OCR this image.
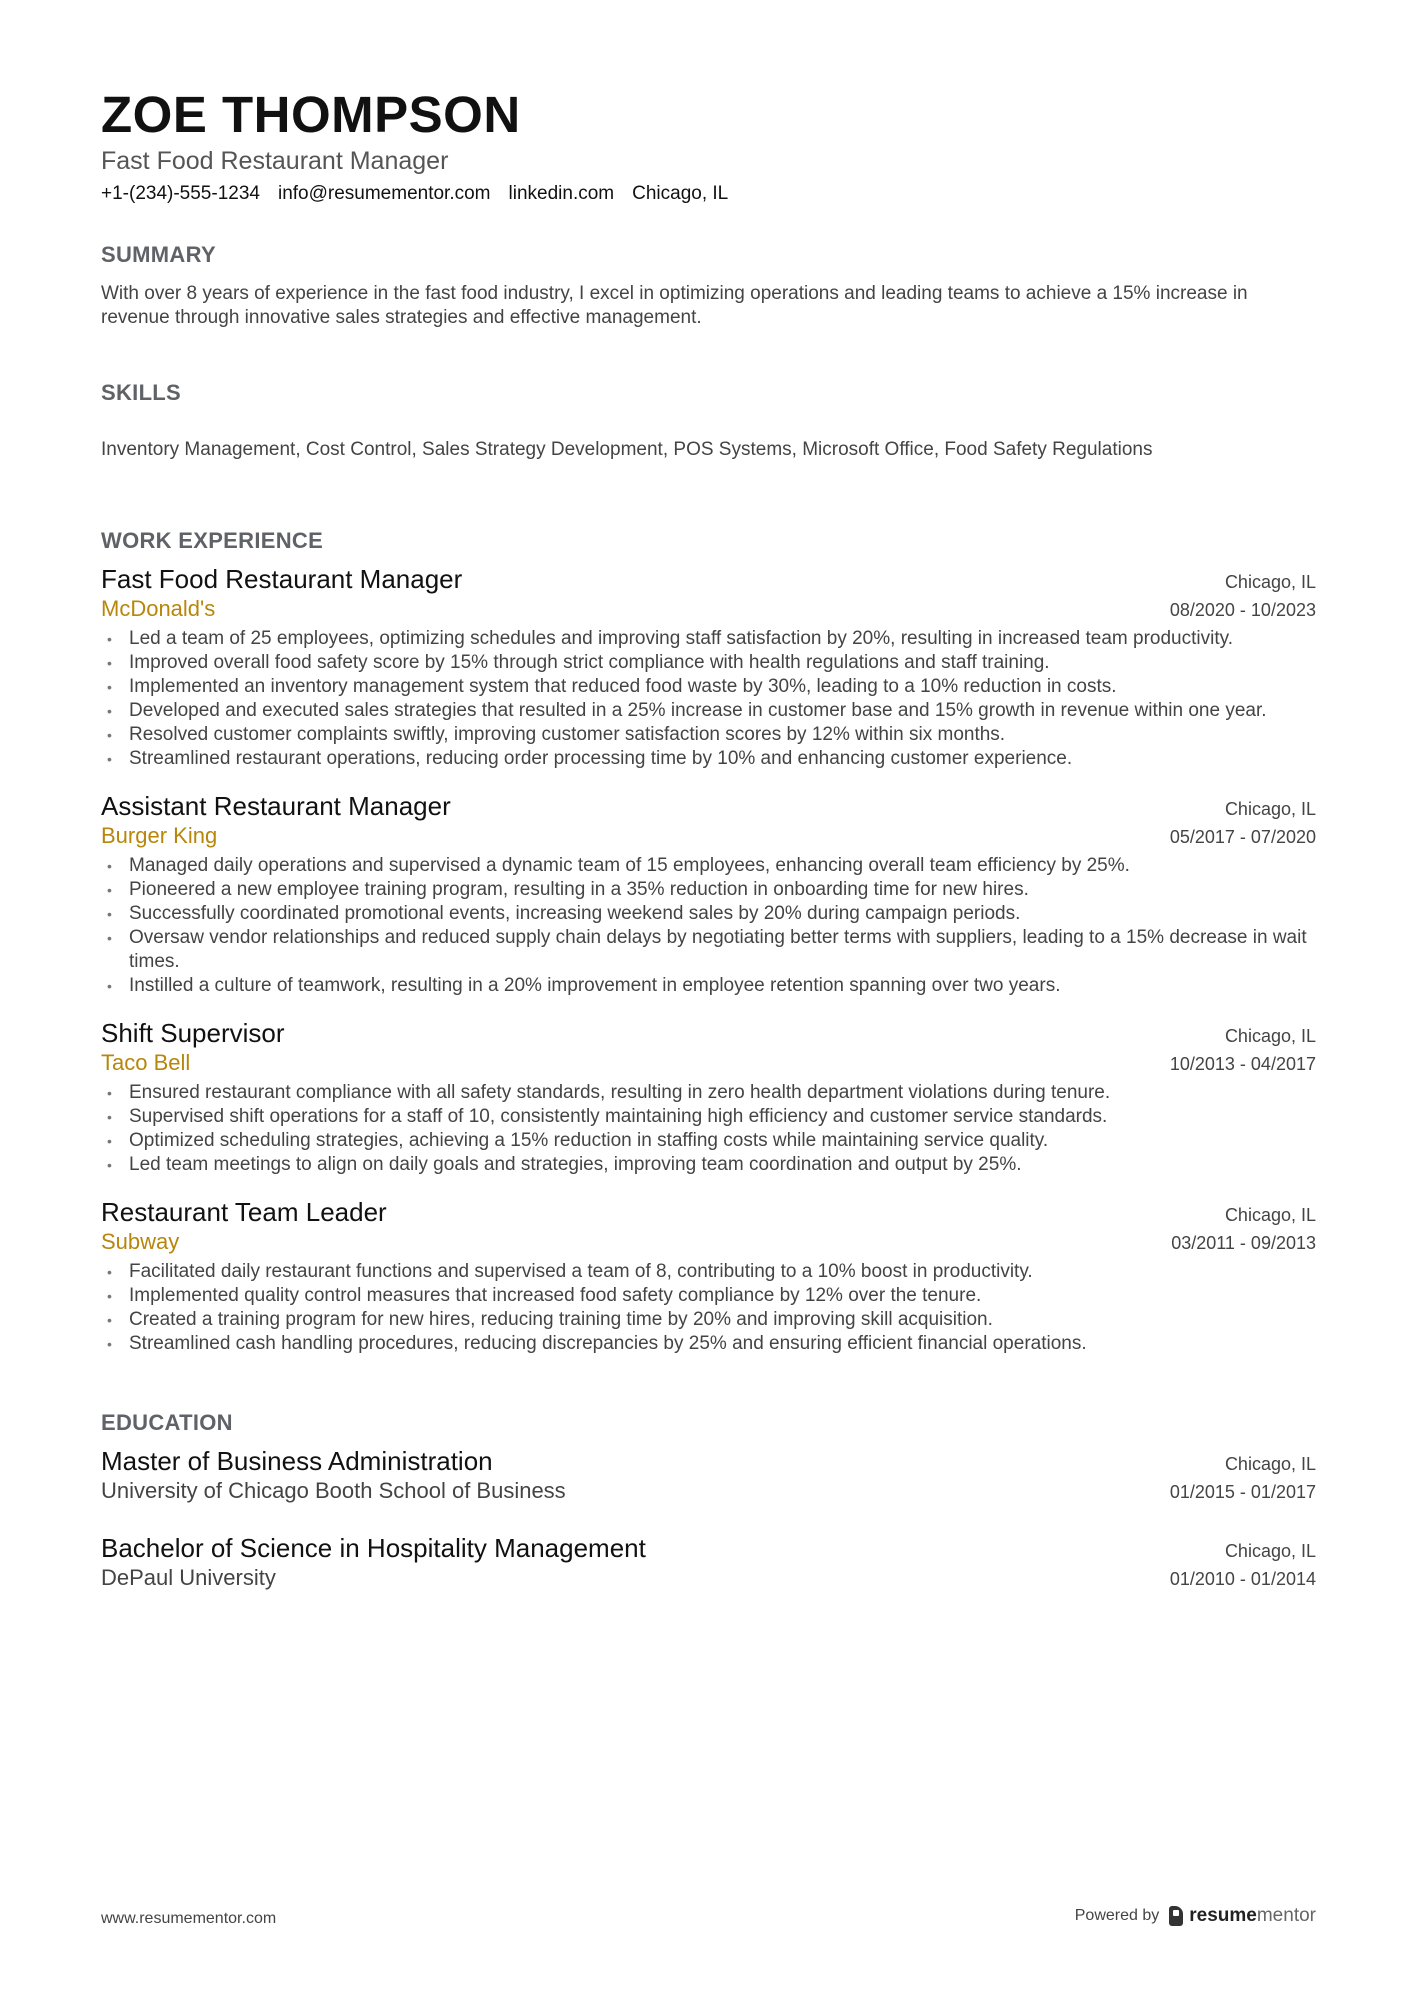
ZOE THOMPSON
Fast Food Restaurant Manager
+1-(234)-555-1234 info@resumementor.com linkedin.com Chicago, IL
SUMMARY
With over 8 years of experience in the fast food industry, I excel in optimizing operations and leading teams to achieve a 15% increase in revenue through innovative sales strategies and effective management.
SKILLS
Inventory Management, Cost Control, Sales Strategy Development, POS Systems, Microsoft Office, Food Safety Regulations
WORK EXPERIENCE
Fast Food Restaurant Manager	Chicago, IL
McDonald's	08/2020 - 10/2023
• Led a team of 25 employees, optimizing schedules and improving staff satisfaction by 20%, resulting in increased team productivity.
• Improved overall food safety score by 15% through strict compliance with health regulations and staff training.
• Implemented an inventory management system that reduced food waste by 30%, leading to a 10% reduction in costs.
• Developed and executed sales strategies that resulted in a 25% increase in customer base and 15% growth in revenue within one year.
• Resolved customer complaints swiftly, improving customer satisfaction scores by 12% within six months.
• Streamlined restaurant operations, reducing order processing time by 10% and enhancing customer experience.
Assistant Restaurant Manager	Chicago, IL
Burger King	05/2017 - 07/2020
• Managed daily operations and supervised a dynamic team of 15 employees, enhancing overall team efficiency by 25%.
• Pioneered a new employee training program, resulting in a 35% reduction in onboarding time for new hires.
• Successfully coordinated promotional events, increasing weekend sales by 20% during campaign periods.
• Oversaw vendor relationships and reduced supply chain delays by negotiating better terms with suppliers, leading to a 15% decrease in wait times.
• Instilled a culture of teamwork, resulting in a 20% improvement in employee retention spanning over two years.
Shift Supervisor	Chicago, IL
Taco Bell	10/2013 - 04/2017
• Ensured restaurant compliance with all safety standards, resulting in zero health department violations during tenure.
• Supervised shift operations for a staff of 10, consistently maintaining high efficiency and customer service standards.
• Optimized scheduling strategies, achieving a 15% reduction in staffing costs while maintaining service quality.
• Led team meetings to align on daily goals and strategies, improving team coordination and output by 25%.
Restaurant Team Leader	Chicago, IL
Subway	03/2011 - 09/2013
• Facilitated daily restaurant functions and supervised a team of 8, contributing to a 10% boost in productivity.
• Implemented quality control measures that increased food safety compliance by 12% over the tenure.
• Created a training program for new hires, reducing training time by 20% and improving skill acquisition.
• Streamlined cash handling procedures, reducing discrepancies by 25% and ensuring efficient financial operations.
EDUCATION
Master of Business Administration	Chicago, IL
University of Chicago Booth School of Business	01/2015 - 01/2017
Bachelor of Science in Hospitality Management	Chicago, IL
DePaul University	01/2010 - 01/2014
www.resumementor.com	Powered by resumementor
